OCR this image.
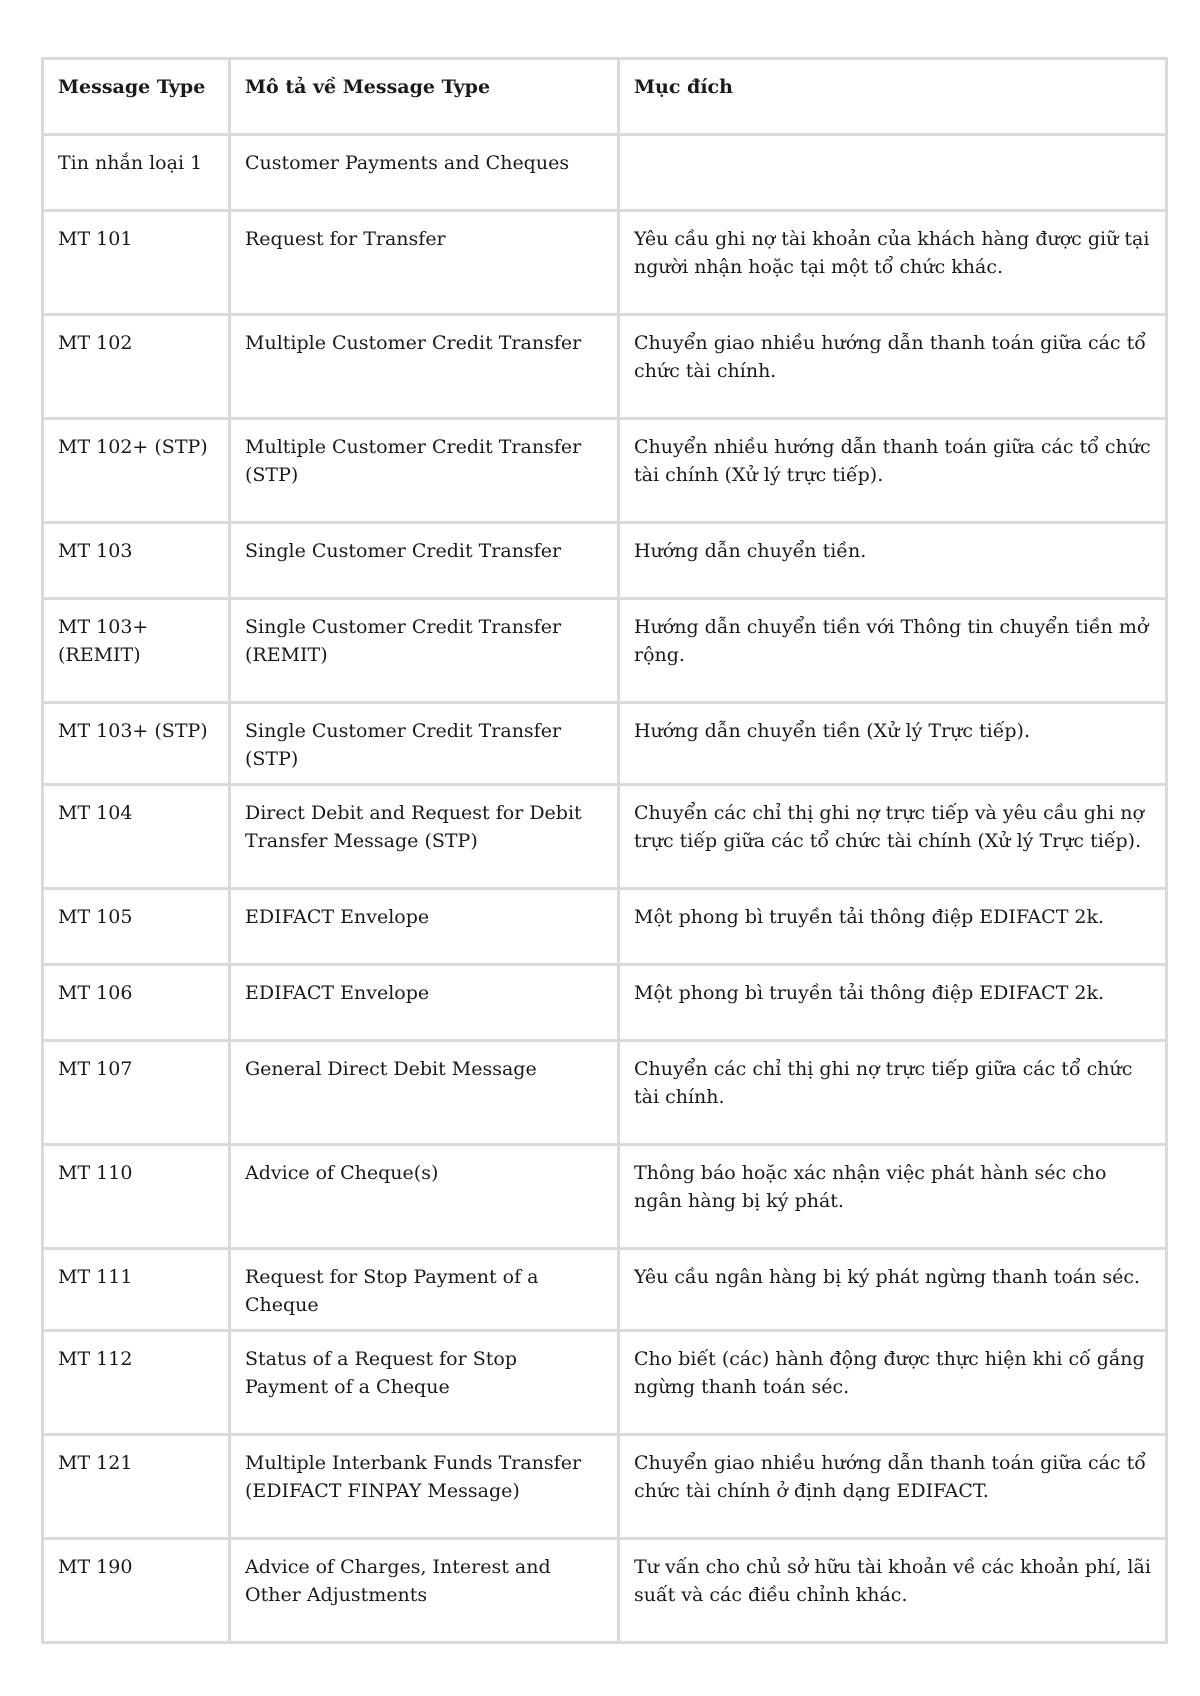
Message Type	Mô tả về Message Type	Mục đích
Tin nhắn loại 1	Customer Payments and Cheques	
MT 101	Request for Transfer	Yêu cầu ghi nợ tài khoản của khách hàng được giữ tại người nhận hoặc tại một tổ chức khác.
MT 102	Multiple Customer Credit Transfer	Chuyển giao nhiều hướng dẫn thanh toán giữa các tổ chức tài chính.
MT 102+ (STP)	Multiple Customer Credit Transfer (STP)	Chuyển nhiều hướng dẫn thanh toán giữa các tổ chức tài chính (Xử lý trực tiếp).
MT 103	Single Customer Credit Transfer	Hướng dẫn chuyển tiền.
MT 103+ (REMIT)	Single Customer Credit Transfer (REMIT)	Hướng dẫn chuyển tiền với Thông tin chuyển tiền mở rộng.
MT 103+ (STP)	Single Customer Credit Transfer (STP)	Hướng dẫn chuyển tiền (Xử lý Trực tiếp).
MT 104	Direct Debit and Request for Debit Transfer Message (STP)	Chuyển các chỉ thị ghi nợ trực tiếp và yêu cầu ghi nợ trực tiếp giữa các tổ chức tài chính (Xử lý Trực tiếp).
MT 105	EDIFACT Envelope	Một phong bì truyền tải thông điệp EDIFACT 2k.
MT 106	EDIFACT Envelope	Một phong bì truyền tải thông điệp EDIFACT 2k.
MT 107	General Direct Debit Message	Chuyển các chỉ thị ghi nợ trực tiếp giữa các tổ chức tài chính.
MT 110	Advice of Cheque(s)	Thông báo hoặc xác nhận việc phát hành séc cho ngân hàng bị ký phát.
MT 111	Request for Stop Payment of a Cheque	Yêu cầu ngân hàng bị ký phát ngừng thanh toán séc.
MT 112	Status of a Request for Stop Payment of a Cheque	Cho biết (các) hành động được thực hiện khi cố gắng ngừng thanh toán séc.
MT 121	Multiple Interbank Funds Transfer (EDIFACT FINPAY Message)	Chuyển giao nhiều hướng dẫn thanh toán giữa các tổ chức tài chính ở định dạng EDIFACT.
MT 190	Advice of Charges, Interest and Other Adjustments	Tư vấn cho chủ sở hữu tài khoản về các khoản phí, lãi suất và các điều chỉnh khác.
